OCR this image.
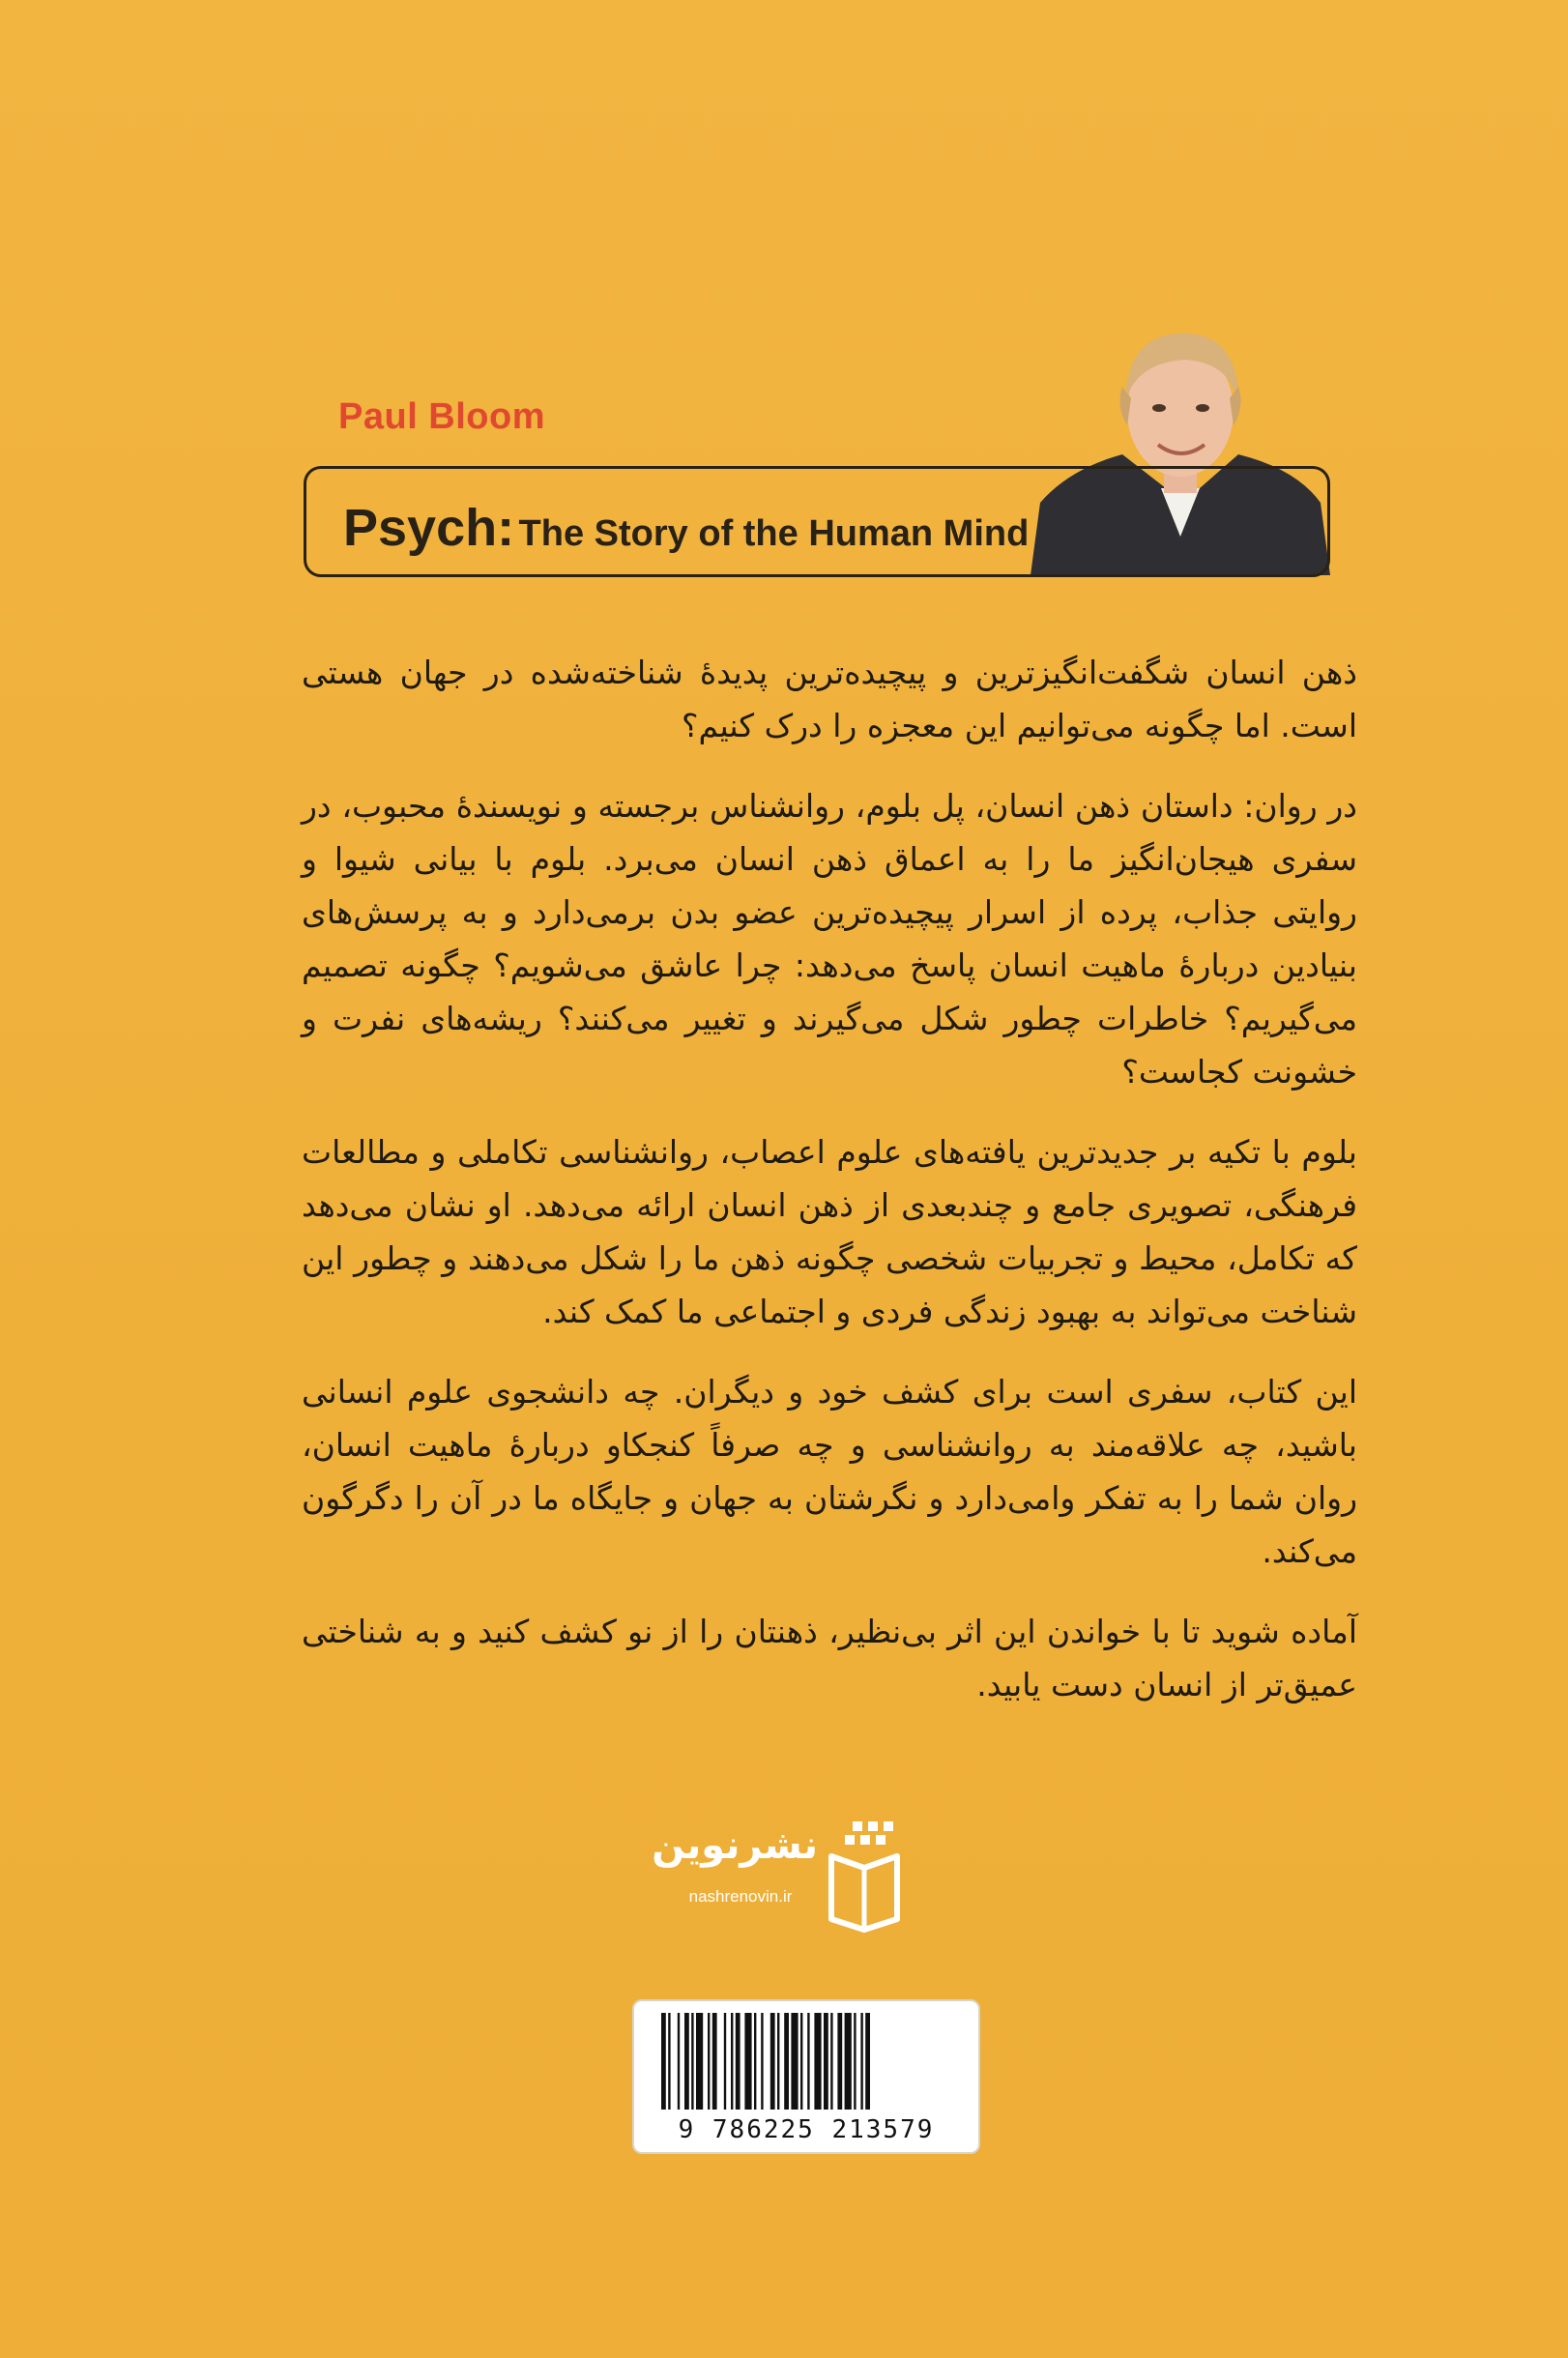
Paul Bloom
Psych: The Story of the Human Mind

ذهن انسان شگفت‌انگیزترین و پیچیده‌ترین پدیدهٔ شناخته‌شده در جهان هستی است. اما چگونه می‌توانیم این معجزه را درک کنیم؟

در روان: داستان ذهن انسان، پل بلوم، روانشناس برجسته و نویسندهٔ محبوب، در سفری هیجان‌انگیز ما را به اعماق ذهن انسان می‌برد. بلوم با بیانی شیوا و روایتی جذاب، پرده از اسرار پیچیده‌ترین عضو بدن برمی‌دارد و به پرسش‌های بنیادین دربارهٔ ماهیت انسان پاسخ می‌دهد: چرا عاشق می‌شویم؟ چگونه تصمیم می‌گیریم؟ خاطرات چطور شکل می‌گیرند و تغییر می‌کنند؟ ریشه‌های نفرت و خشونت کجاست؟

بلوم با تکیه بر جدیدترین یافته‌های علوم اعصاب، روانشناسی تکاملی و مطالعات فرهنگی، تصویری جامع و چندبعدی از ذهن انسان ارائه می‌دهد. او نشان می‌دهد که تکامل، محیط و تجربیات شخصی چگونه ذهن ما را شکل می‌دهند و چطور این شناخت می‌تواند به بهبود زندگی فردی و اجتماعی ما کمک کند.

این کتاب، سفری است برای کشف خود و دیگران. چه دانشجوی علوم انسانی باشید، چه علاقه‌مند به روانشناسی و چه صرفاً کنجکاو دربارهٔ ماهیت انسان، روان شما را به تفکر وامی‌دارد و نگرشتان به جهان و جایگاه ما در آن را دگرگون می‌کند.

آماده شوید تا با خواندن این اثر بی‌نظیر، ذهنتان را از نو کشف کنید و به شناختی عمیق‌تر از انسان دست یابید.

نشرنوین
nashrenovin.ir
9 786225 213579
